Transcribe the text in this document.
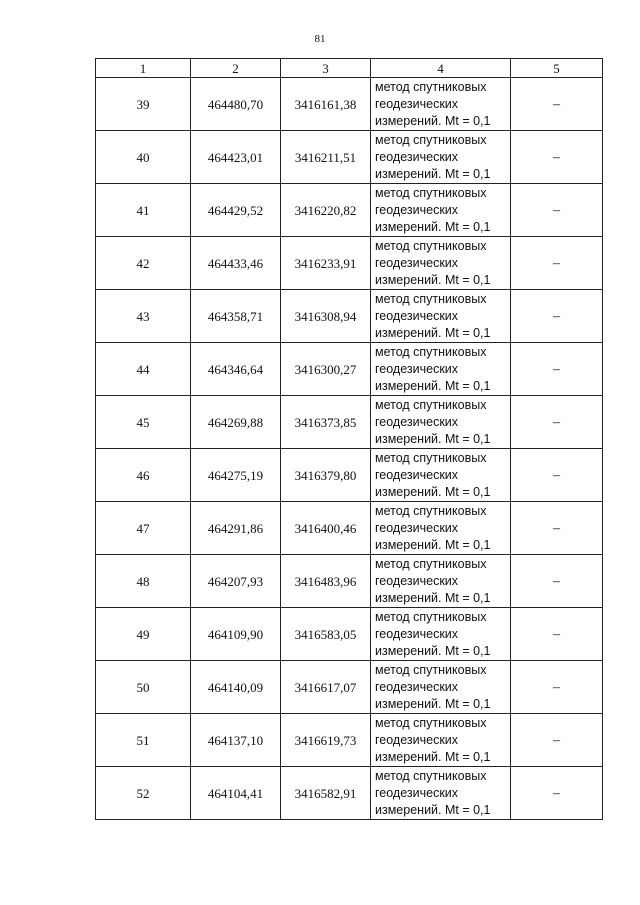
81
1	2	3	4	5
39	464480,70	3416161,38	метод спутниковых
геодезических
измерений. Mt = 0,1	–
40	464423,01	3416211,51	метод спутниковых
геодезических
измерений. Mt = 0,1	–
41	464429,52	3416220,82	метод спутниковых
геодезических
измерений. Mt = 0,1	–
42	464433,46	3416233,91	метод спутниковых
геодезических
измерений. Mt = 0,1	–
43	464358,71	3416308,94	метод спутниковых
геодезических
измерений. Mt = 0,1	–
44	464346,64	3416300,27	метод спутниковых
геодезических
измерений. Mt = 0,1	–
45	464269,88	3416373,85	метод спутниковых
геодезических
измерений. Mt = 0,1	–
46	464275,19	3416379,80	метод спутниковых
геодезических
измерений. Mt = 0,1	–
47	464291,86	3416400,46	метод спутниковых
геодезических
измерений. Mt = 0,1	–
48	464207,93	3416483,96	метод спутниковых
геодезических
измерений. Mt = 0,1	–
49	464109,90	3416583,05	метод спутниковых
геодезических
измерений. Mt = 0,1	–
50	464140,09	3416617,07	метод спутниковых
геодезических
измерений. Mt = 0,1	–
51	464137,10	3416619,73	метод спутниковых
геодезических
измерений. Mt = 0,1	–
52	464104,41	3416582,91	метод спутниковых
геодезических
измерений. Mt = 0,1	–
